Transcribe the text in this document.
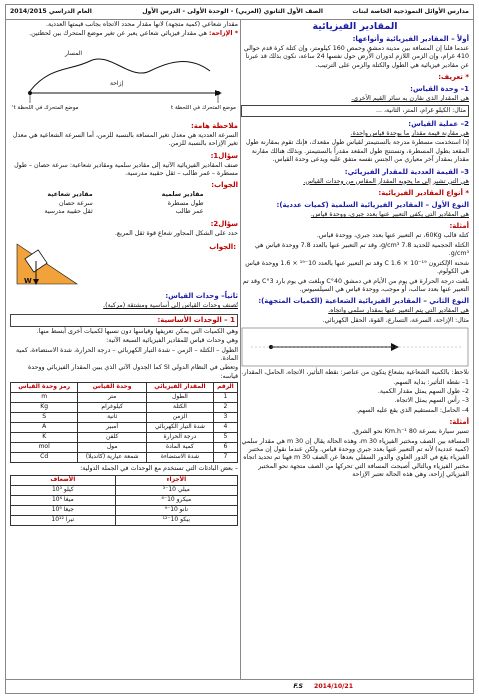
مدارس الأوائل النموذجية الخاصة لبنات
الصف الأول الثانوي (العربي) - الوحدة الأولى - الدرس الأول
العام الدراسي 2014/2015
المقادير الفيزيائية
أولاً – المقادير الفيزيائية وأنواعها:
عندما قلنا إن المسافة بين مدينة دمشق وحمص 160 كيلومتر، وإن كتلة كرة قدم حوالي 410 غرام، وإن الزمن اللازم لدوران الأرض حول نفسها 24 ساعة، نكون بذلك قد عبرنا عن مقادير فيزيائية هي الطول والكتلة والزمن على الترتيب.
* تعريف:
1– وحدة القياس:
هي المقدار الذي نقارن به سائر القيم الأخرى.
مثال: الكيلو غرام، المتر، الثانية، ...
2– عملية القياس:
هي مقارنة قيمة مقدار ما بوحدة قياس واحدة.
إذا استخدمت مسطرة مدرجة بالسنتيمتر لقياس طول مقعدك، فإنك تقوم بمقارنة طول المقعد بطول المسطرة، وتستنتج طول المقعد مقدراً بالسنتيمتر. وبذلك هنالك مقارنة مقدار بمقدار آخر معياري من الجنس نفسه متفق عليه ويدعى وحدة القياس.
3– القيمة العددية للمقدار الفيزيائي:
هي التي تشير إلى ما يحويه المقدار المقاس من وحدات القياس.
* أنواع المقادير الفيزيائية:
النوع الأول – المقادير الفيزيائية السلمية (كميات عددية):
هي المقادير التي يكفي التعبير عنها بعدد جبري، ووحدة قياس.
أمثلة:
كتلة قالب 60Kg، تم التعبير عنها بعدد جبري، ووحدة قياس.
الكتلة الحجمية للحديد 7.8 g/cm³، وقد تم التعبير عنها بالعدد 7.8 ووحدة قياس هي g/cm³.
شحنة الإلكترون C 1.6 × 10⁻¹⁹ وقد تم التعبير عنها بالعدد 10⁻¹⁹ × 1.6 ووحدة قياس هي الكولوم.
بلغت درجة الحرارة في يوم من الأيام في دمشق 40°C وبلغت في يوم بارد 3°C وقد تم التعبير عنها بعدد سالب، أو موجب، ووحدة قياس هي السيلسيوس.
النوع الثاني – المقادير الفيزيائية الشعاعية (الكميات المتجهة):
هي المقادير التي يتم التعبير عنها بمقدار سلمي واتجاه.
مثال: الإزاحة، السرعة، التسارع، القوة، الحقل الكهربائي.
نلاحظ: بالكمية الشعاعية بشعاع يتكون من عناصر: نقطة التأثير، الاتجاه، الحامل، المقدار.
1– نقطة التأثير: بداية السهم.
2– طول السهم يمثل مقدار الكمية.
3– رأس السهم يمثل الاتجاه.
4– الحامل: المستقيم الذي يقع عليه السهم.
أمثلة:
تسير سيارة بسرعة 80 Km.h⁻¹ نحو الشرق.
المسافة بين الصف ومختبر الفيزياء 30 m، وهذه الحالة يقال إن 30 m هي مقدار سلمي (كمية عددية) لأنه تم التعبير عنها بعدد جبري ووحدة قياس. ولكن عندما نقول إن مختبر الفيزياء يقع في الدور العلوي والدور السفلي بعدها عن الصف 30 m فهنا تم تحديد اتجاه مختبر الفيزياء وبالتالي أصبحت المسافة التي تحركها من الصف متجهة نحو المختبر الفيزيائي إزاحة، وهي هذه الحالة تعتبر الإزاحة
مقدار شعاعي (كمية متجهة) لأنها مقدار محدد الاتجاه بجانب قيمتها العددية.
* الإزاحة: هي مقدار فيزيائي شعاعي يعبر عن تغير موضع المتحرك بين لحظتين.
المسار
إزاحة
موضع المتحرك في اللحظة t
موضع المتحرك في اللحظة t'
ملاحظة هامة:
السرعة العددية هي معدل تغير المسافة بالنسبة للزمن، أما السرعة الشعاعية هي معدل تغير الإزاحة بالنسبة للزمن.
سؤال1:
صنف المقادير الفيزيائية الآتية إلى مقادير سلمية ومقادير شعاعية: سرعة حصان – طول مسطرة – غمر طالب – ثقل حقيبة مدرسية.
الجواب:
مقادير سلمية
طول مسطرة
عمر طالب
مقادير شعاعية
سرعة حصان
ثقل حقيبة مدرسية
سؤال2:
حدد على الشكل المجاور شعاع قوة ثقل المربع.
W
الجواب:
ثانياً– وحدات القياس:
تُصنف وحدات القياس إلى أساسية ومشتقة (مركبة).
1 – الوحدات الأساسية:
وهي الكميات التي يمكن تعريفها وقياسها دون نسبها لكميات أخرى أبسط منها.
وهي وحدات قياس للمقادير الفيزيائية السبعة الآتية:
الطول – الكتلة – الزمن – شدة التيار الكهربائي – درجة الحرارة، شدة الاستضاءة، كمية المادة.
وتعطى في النظام الدولي SI كما الجدول الآتي الذي يبين المقدار الفيزيائي ووحدة قياسه:
الرقم	المقدار الفيزيائي	وحدة القياس	رمز وحدة القياس
1	الطول	متر	m
2	الكتلة	كيلوغرام	Kg
3	الزمن	ثانية	S
4	شدة التيار الكهربائي	أمبير	A
5	درجة الحرارة	كلفن	K
6	كمية المادة	مول	mol
7	شدة الاستضاءة	شمعة عيارية (كانديلا)	Cd
– بعض البادئات التي تستخدم مع الوحدات في الجملة الدولية:
الأجزاء	الأضعاف
ميلي 10⁻³	كيلو 10³
ميكرو 10⁻⁶	ميغا 10⁶
نانو 10⁻⁹	جيغا 10⁹
بيكو 10⁻¹²	تيرا 10¹²
2014/10/21
F.S
